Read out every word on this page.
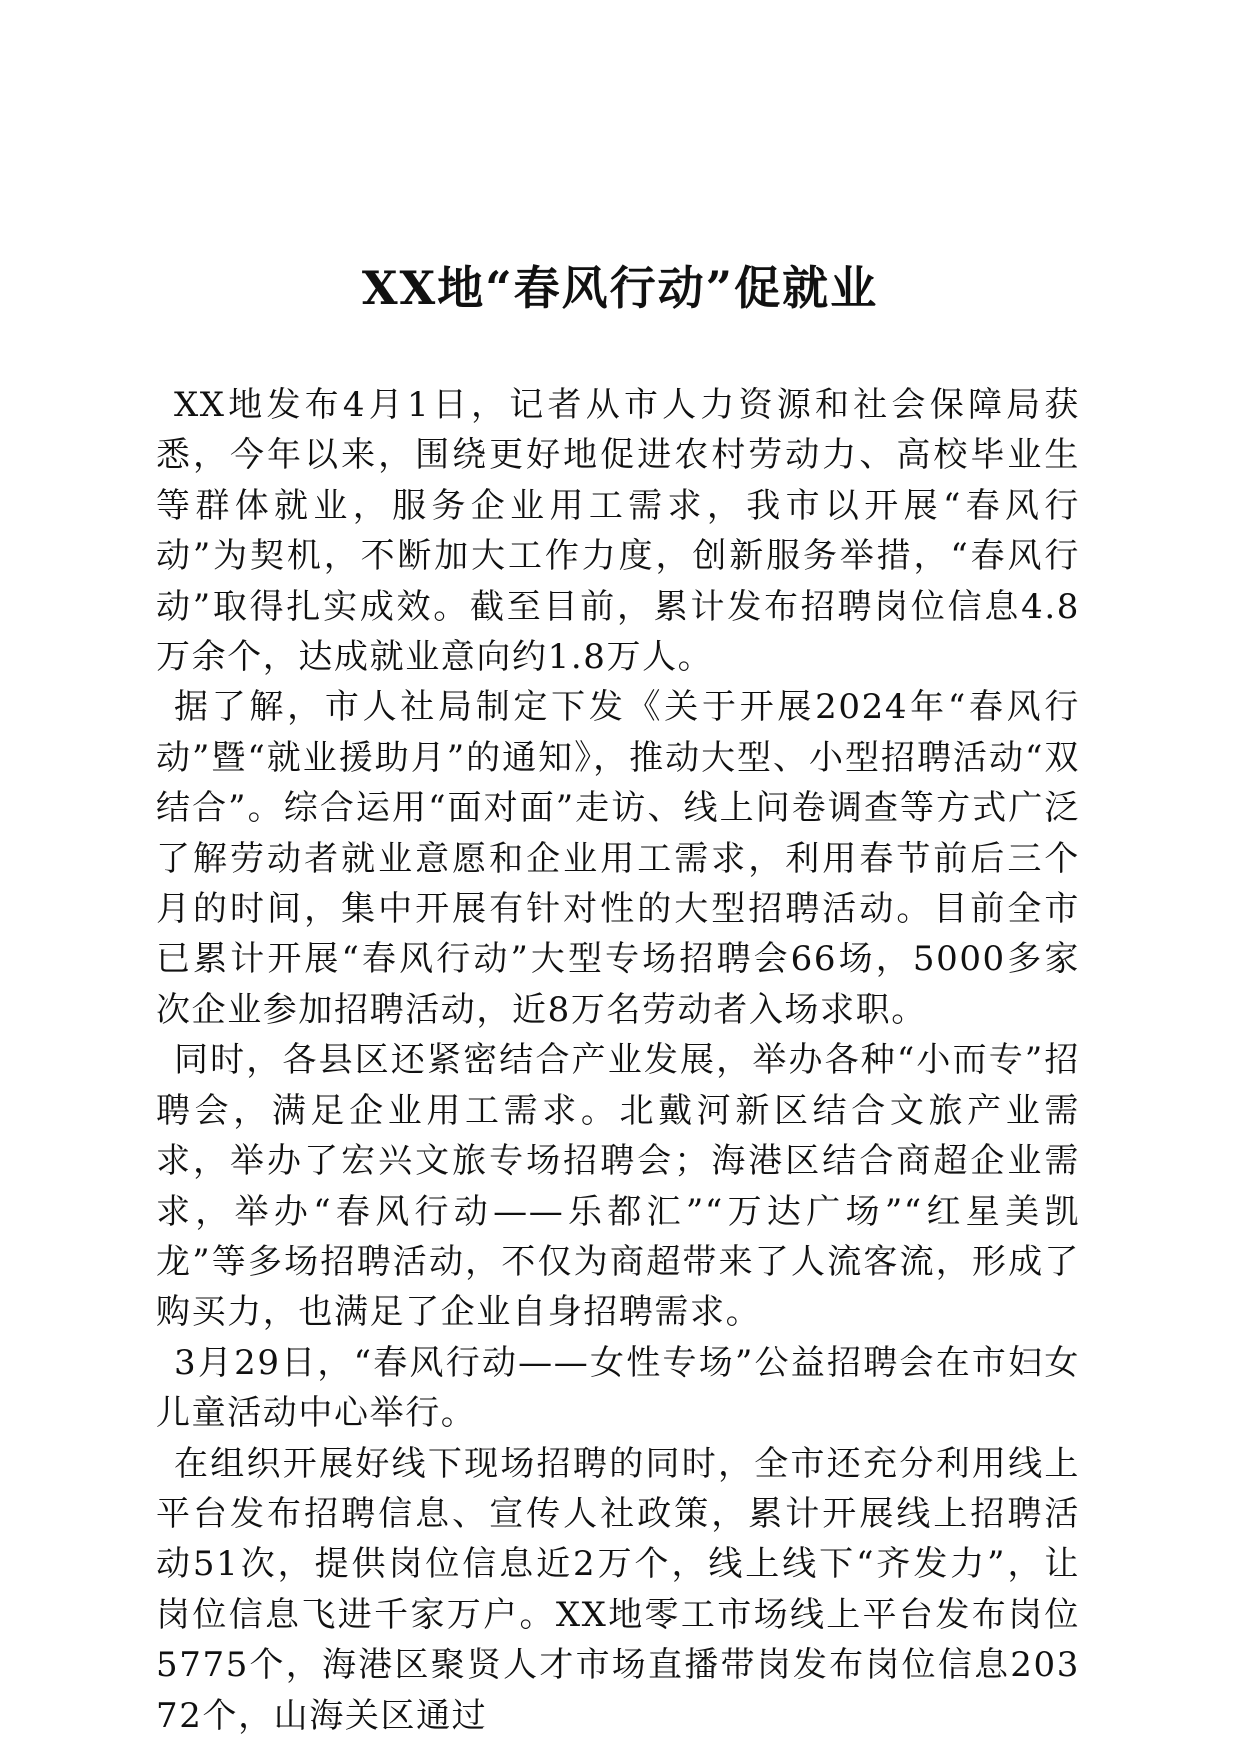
XX地“春风行动”促就业

XX地发布4月1日，记者从市人力资源和社会保障局获悉，今年以来，围绕更好地促进农村劳动力、高校毕业生等群体就业，服务企业用工需求，我市以开展“春风行动”为契机，不断加大工作力度，创新服务举措，“春风行动”取得扎实成效。截至目前，累计发布招聘岗位信息4.8万余个，达成就业意向约1.8万人。

据了解，市人社局制定下发《关于开展2024年“春风行动”暨“就业援助月”的通知》，推动大型、小型招聘活动“双结合”。综合运用“面对面”走访、线上问卷调查等方式广泛了解劳动者就业意愿和企业用工需求，利用春节前后三个月的时间，集中开展有针对性的大型招聘活动。目前全市已累计开展“春风行动”大型专场招聘会66场，5000多家次企业参加招聘活动，近8万名劳动者入场求职。

同时，各县区还紧密结合产业发展，举办各种“小而专”招聘会，满足企业用工需求。北戴河新区结合文旅产业需求，举办了宏兴文旅专场招聘会；海港区结合商超企业需求，举办“春风行动——乐都汇”“万达广场”“红星美凯龙”等多场招聘活动，不仅为商超带来了人流客流，形成了购买力，也满足了企业自身招聘需求。

3月29日，“春风行动——女性专场”公益招聘会在市妇女儿童活动中心举行。

在组织开展好线下现场招聘的同时，全市还充分利用线上平台发布招聘信息、宣传人社政策，累计开展线上招聘活动51次，提供岗位信息近2万个，线上线下“齐发力”，让岗位信息飞进千家万户。XX地零工市场线上平台发布岗位5775个，海港区聚贤人才市场直播带岗发布岗位信息20372个，山海关区通过
